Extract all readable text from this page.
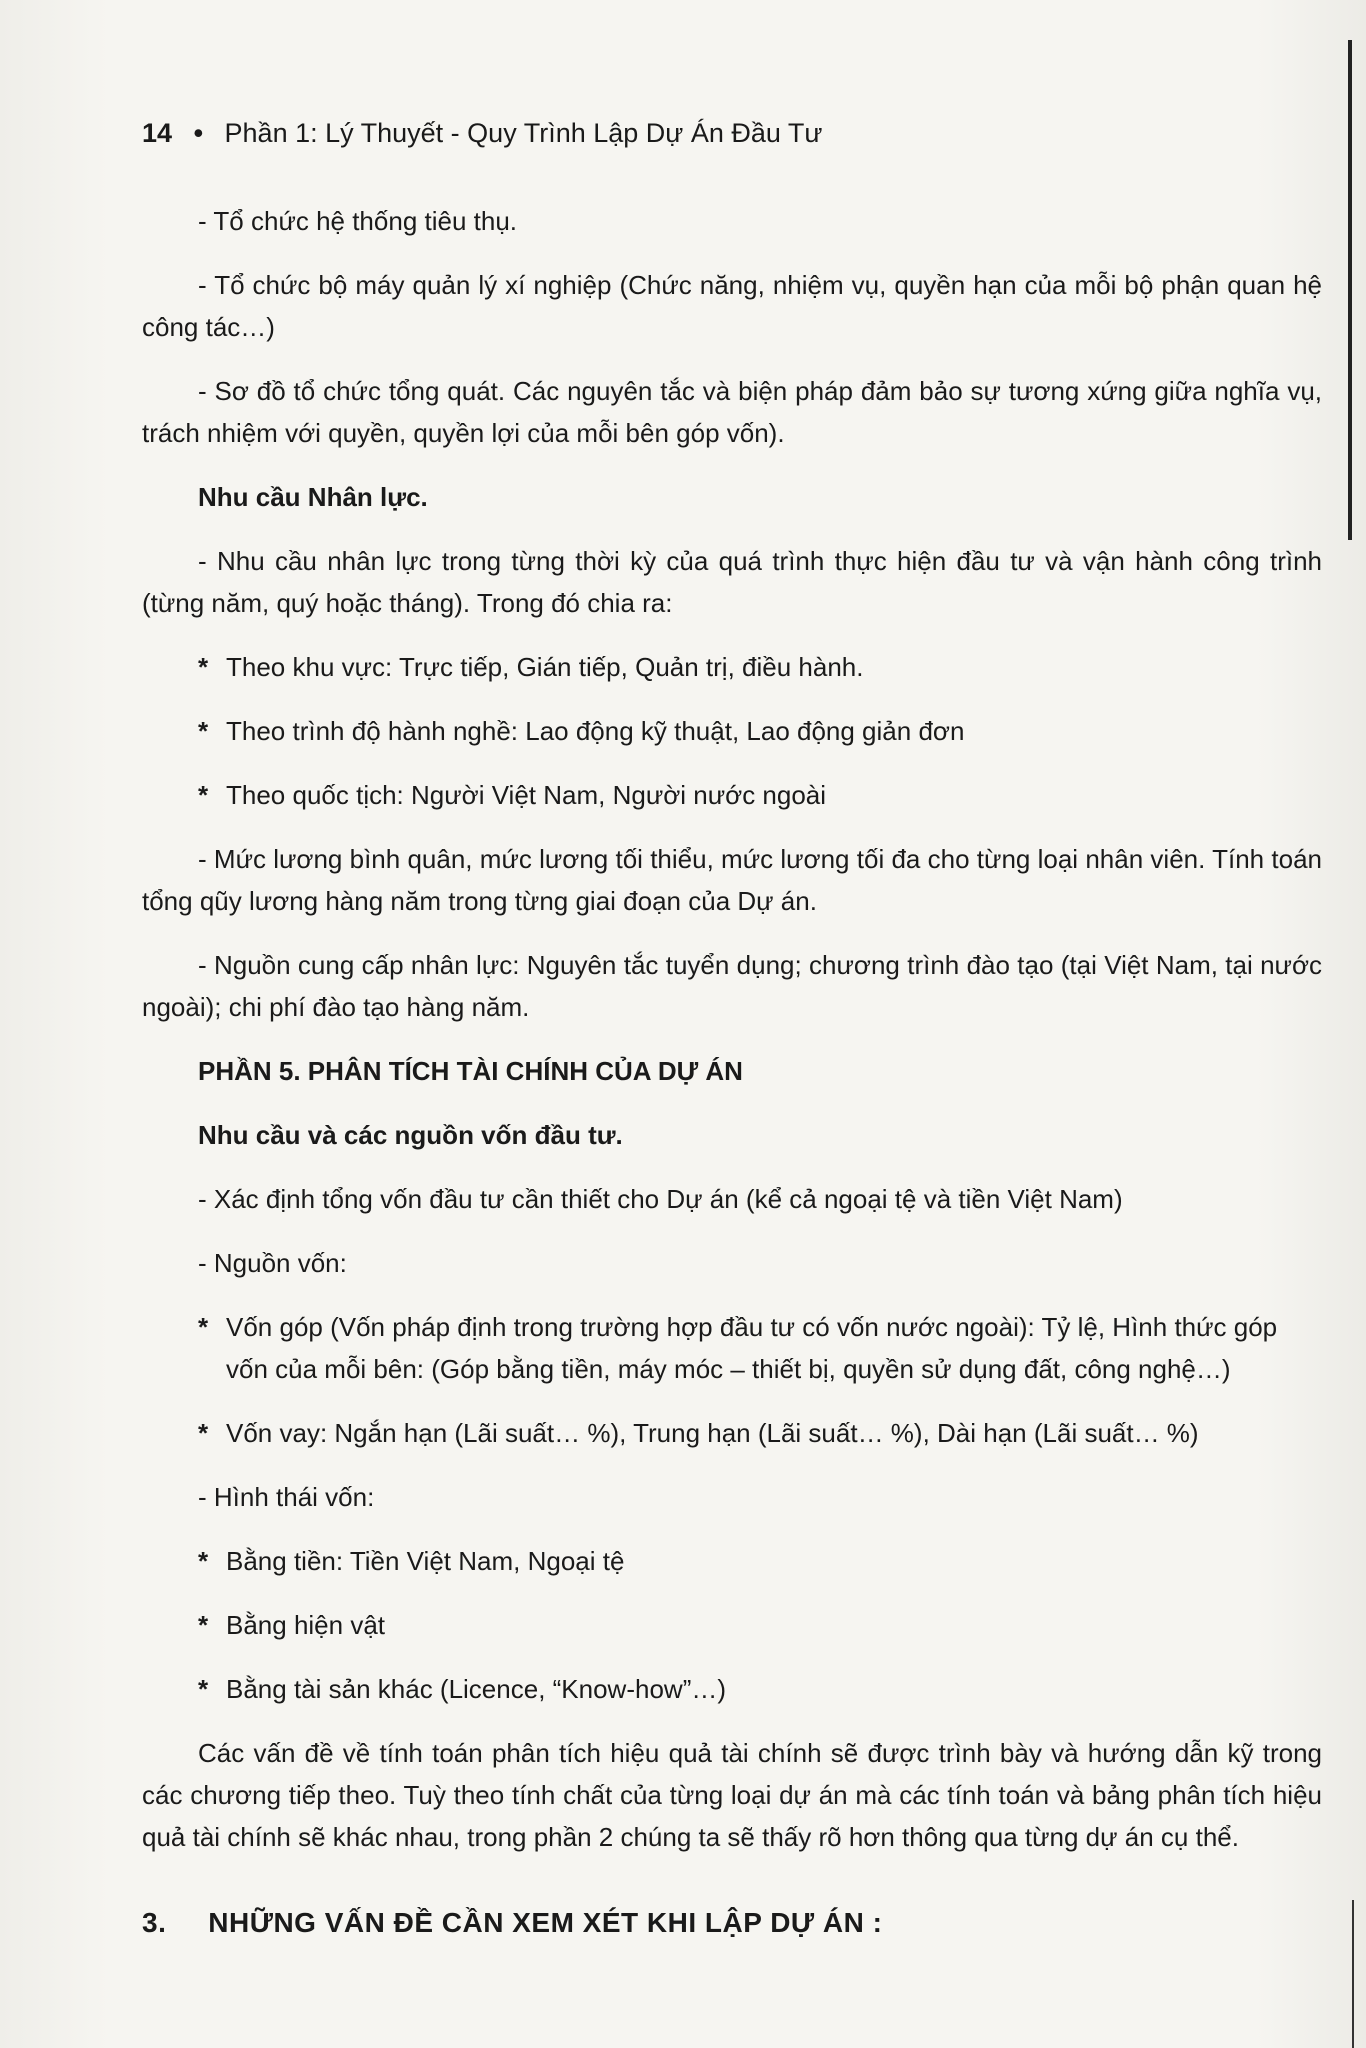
14 • Phần 1: Lý Thuyết - Quy Trình Lập Dự Án Đầu Tư

- Tổ chức hệ thống tiêu thụ.

- Tổ chức bộ máy quản lý xí nghiệp (Chức năng, nhiệm vụ, quyền hạn của mỗi bộ phận quan hệ công tác…)

- Sơ đồ tổ chức tổng quát. Các nguyên tắc và biện pháp đảm bảo sự tương xứng giữa nghĩa vụ, trách nhiệm với quyền, quyền lợi của mỗi bên góp vốn).

Nhu cầu Nhân lực.

- Nhu cầu nhân lực trong từng thời kỳ của quá trình thực hiện đầu tư và vận hành công trình (từng năm, quý hoặc tháng). Trong đó chia ra:

* Theo khu vực: Trực tiếp, Gián tiếp, Quản trị, điều hành.
* Theo trình độ hành nghề: Lao động kỹ thuật, Lao động giản đơn
* Theo quốc tịch: Người Việt Nam, Người nước ngoài

- Mức lương bình quân, mức lương tối thiểu, mức lương tối đa cho từng loại nhân viên. Tính toán tổng qũy lương hàng năm trong từng giai đoạn của Dự án.

- Nguồn cung cấp nhân lực: Nguyên tắc tuyển dụng; chương trình đào tạo (tại Việt Nam, tại nước ngoài); chi phí đào tạo hàng năm.

PHẦN 5. PHÂN TÍCH TÀI CHÍNH CỦA DỰ ÁN

Nhu cầu và các nguồn vốn đầu tư.

- Xác định tổng vốn đầu tư cần thiết cho Dự án (kể cả ngoại tệ và tiền Việt Nam)

- Nguồn vốn:

* Vốn góp (Vốn pháp định trong trường hợp đầu tư có vốn nước ngoài): Tỷ lệ, Hình thức góp vốn của mỗi bên: (Góp bằng tiền, máy móc – thiết bị, quyền sử dụng đất, công nghệ…)
* Vốn vay: Ngắn hạn (Lãi suất… %), Trung hạn (Lãi suất… %), Dài hạn (Lãi suất… %)

- Hình thái vốn:

* Bằng tiền: Tiền Việt Nam, Ngoại tệ
* Bằng hiện vật
* Bằng tài sản khác (Licence, “Know-how”…)

Các vấn đề về tính toán phân tích hiệu quả tài chính sẽ được trình bày và hướng dẫn kỹ trong các chương tiếp theo. Tuỳ theo tính chất của từng loại dự án mà các tính toán và bảng phân tích hiệu quả tài chính sẽ khác nhau, trong phần 2 chúng ta sẽ thấy rõ hơn thông qua từng dự án cụ thể.

3. NHỮNG VẤN ĐỀ CẦN XEM XÉT KHI LẬP DỰ ÁN :
